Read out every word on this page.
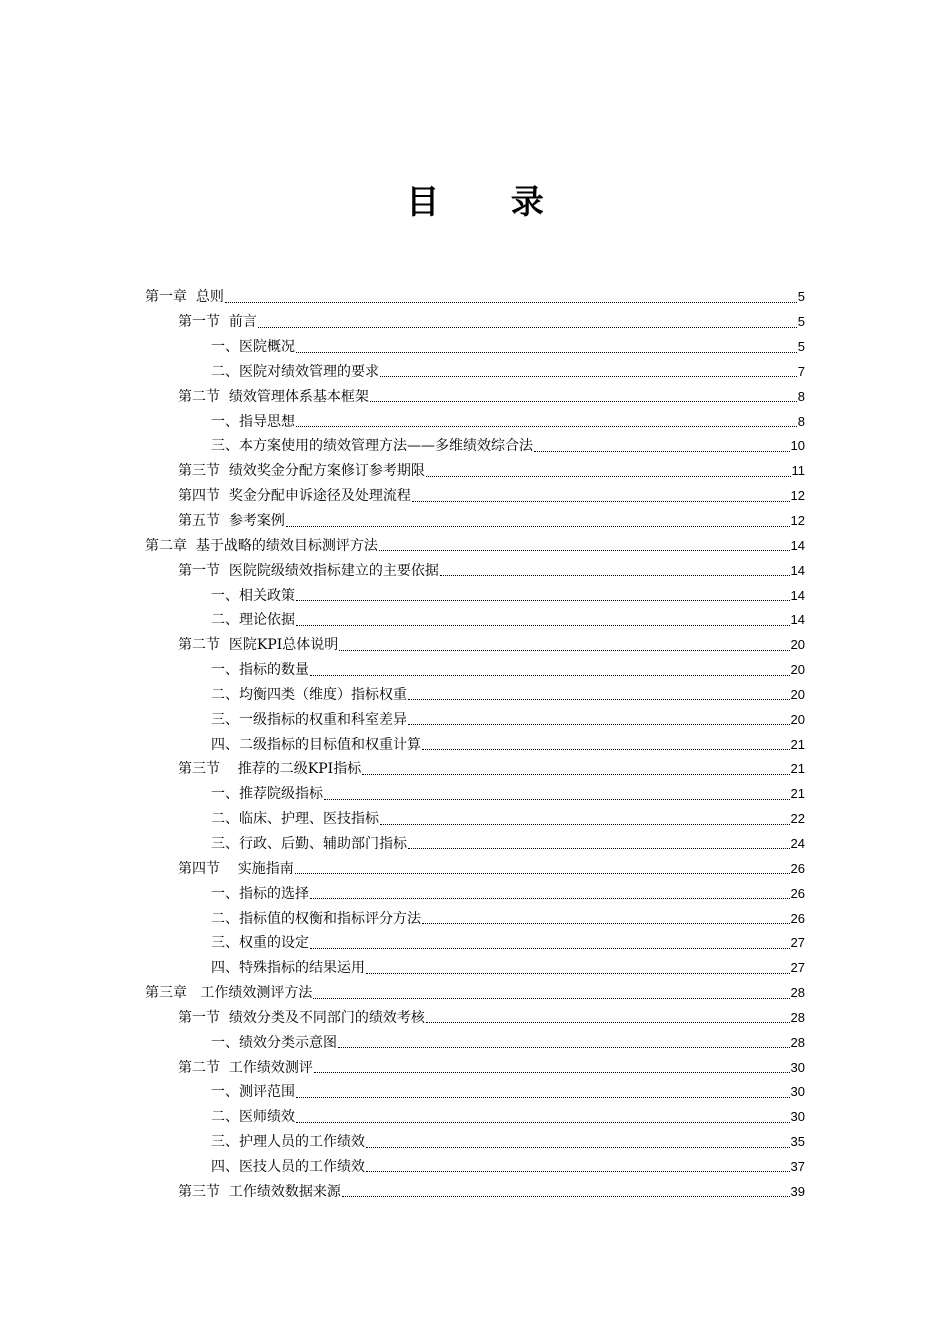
目 录
第一章  总则	5
第一节  前言	5
一、医院概况	5
二、医院对绩效管理的要求	7
第二节  绩效管理体系基本框架	8
一、指导思想	8
三、本方案使用的绩效管理方法——多维绩效综合法	10
第三节  绩效奖金分配方案修订参考期限	11
第四节  奖金分配申诉途径及处理流程	12
第五节  参考案例	12
第二章  基于战略的绩效目标测评方法	14
第一节  医院院级绩效指标建立的主要依据	14
一、相关政策	14
二、理论依据	14
第二节  医院KPI总体说明	20
一、指标的数量	20
二、均衡四类（维度）指标权重	20
三、一级指标的权重和科室差异	20
四、二级指标的目标值和权重计算	21
第三节    推荐的二级KPI指标	21
一、推荐院级指标	21
二、临床、护理、医技指标	22
三、行政、后勤、辅助部门指标	24
第四节    实施指南	26
一、指标的选择	26
二、指标值的权衡和指标评分方法	26
三、权重的设定	27
四、特殊指标的结果运用	27
第三章   工作绩效测评方法	28
第一节  绩效分类及不同部门的绩效考核	28
一、绩效分类示意图	28
第二节  工作绩效测评	30
一、测评范围	30
二、医师绩效	30
三、护理人员的工作绩效	35
四、医技人员的工作绩效	37
第三节  工作绩效数据来源	39
